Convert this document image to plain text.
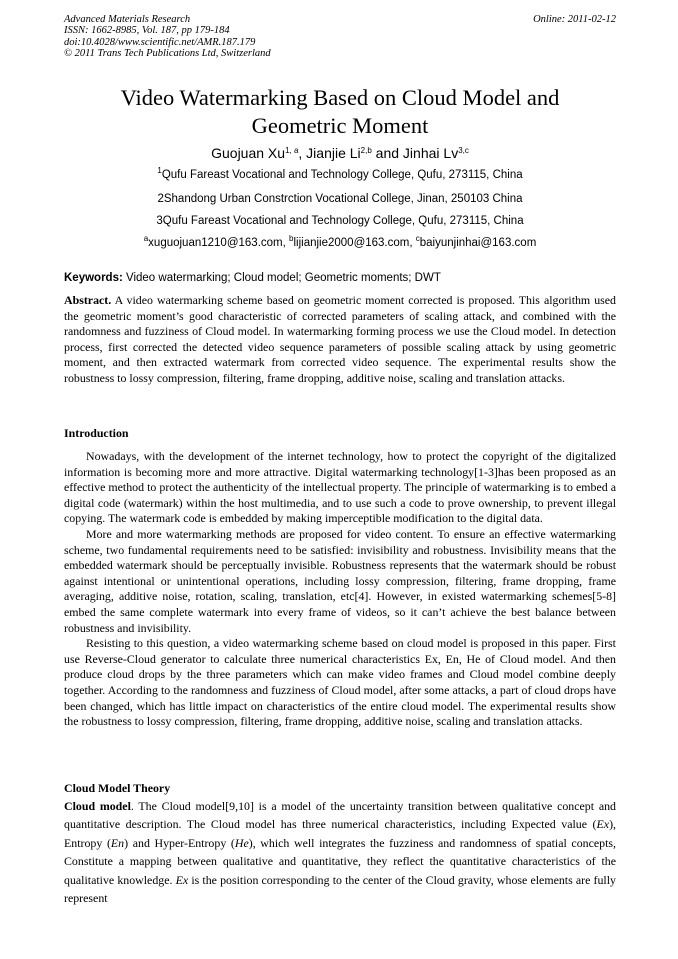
Advanced Materials Research
ISSN: 1662-8985, Vol. 187, pp 179-184
doi:10.4028/www.scientific.net/AMR.187.179
© 2011 Trans Tech Publications Ltd, Switzerland
Online: 2011-02-12
Video Watermarking Based on Cloud Model and
Geometric Moment
Guojuan Xu$^{1, a}$, Jianjie Li$^{2,b}$ and Jinhai Lv$^{3,c}$
$^1$Qufu Fareast Vocational and Technology College, Qufu, 273115, China
2Shandong Urban Constrction Vocational College, Jinan, 250103 China
3Qufu Fareast Vocational and Technology College, Qufu, 273115, China
$^a$xuguojuan1210@163.com, $^b$lijianjie2000@163.com, $^c$baiyunjinhai@163.com
Keywords: Video watermarking; Cloud model; Geometric moments; DWT

Abstract. A video watermarking scheme based on geometric moment corrected is proposed. This algorithm used the geometric moment’s good characteristic of corrected parameters of scaling attack, and combined with the randomness and fuzziness of Cloud model. In watermarking forming process we use the Cloud model. In detection process, first corrected the detected video sequence parameters of possible scaling attack by using geometric moment, and then extracted watermark from corrected video sequence. The experimental results show the robustness to lossy compression, filtering, frame dropping, additive noise, scaling and translation attacks.

Introduction

Nowadays, with the development of the internet technology, how to protect the copyright of the digitalized information is becoming more and more attractive. Digital watermarking technology[1-3]has been proposed as an effective method to protect the authenticity of the intellectual property. The principle of watermarking is to embed a digital code (watermark) within the host multimedia, and to use such a code to prove ownership, to prevent illegal copying. The watermark code is embedded by making imperceptible modification to the digital data.

More and more watermarking methods are proposed for video content. To ensure an effective watermarking scheme, two fundamental requirements need to be satisfied: invisibility and robustness. Invisibility means that the embedded watermark should be perceptually invisible. Robustness represents that the watermark should be robust against intentional or unintentional operations, including lossy compression, filtering, frame dropping, frame averaging, additive noise, rotation, scaling, translation, etc[4]. However, in existed watermarking schemes[5-8] embed the same complete watermark into every frame of videos, so it can’t achieve the best balance between robustness and invisibility.

Resisting to this question, a video watermarking scheme based on cloud model is proposed in this paper. First use Reverse-Cloud generator to calculate three numerical characteristics Ex, En, He of Cloud model. And then produce cloud drops by the three parameters which can make video frames and Cloud model combine deeply together. According to the randomness and fuzziness of Cloud model, after some attacks, a part of cloud drops have been changed, which has little impact on characteristics of the entire cloud model. The experimental results show the robustness to lossy compression, filtering, frame dropping, additive noise, scaling and translation attacks.

Cloud Model Theory

Cloud model. The Cloud model[9,10] is a model of the uncertainty transition between qualitative concept and quantitative description. The Cloud model has three numerical characteristics, including Expected value (Ex), Entropy (En) and Hyper-Entropy (He), which well integrates the fuzziness and randomness of spatial concepts, Constitute a mapping between qualitative and quantitative, they reflect the quantitative characteristics of the qualitative knowledge. Ex is the position corresponding to the center of the Cloud gravity, whose elements are fully represent
